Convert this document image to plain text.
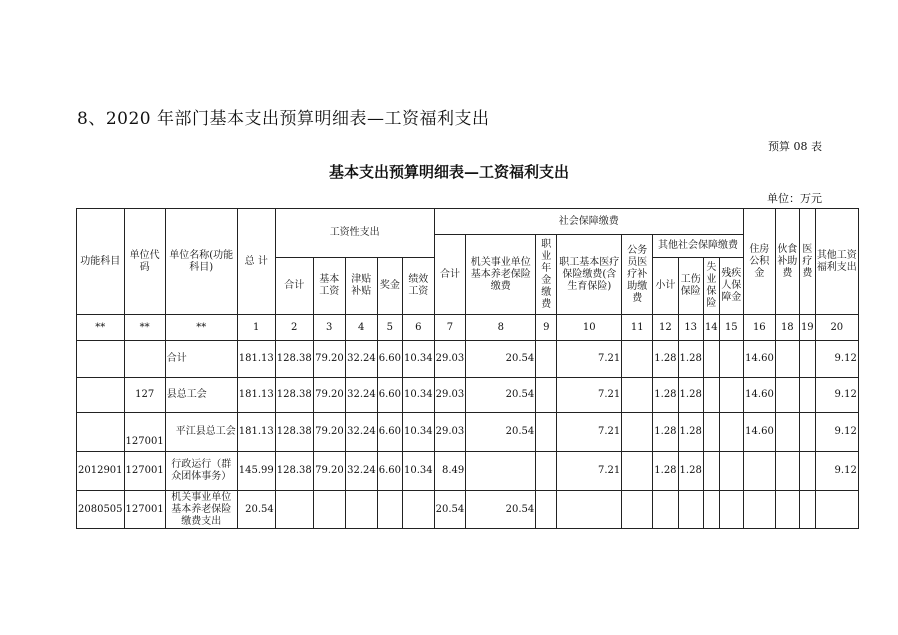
8、2020 年部门基本支出预算明细表—工资福利支出
预算 08 表
基本支出预算明细表—工资福利支出
单位：万元
功能科目	单位代码	单位名称(功能科目)	总 计	工资性支出					社会保障缴费									住房公积金	伙食补助费	医疗费	其他工资福利支出
									合计	机关事业单位基本养老保险缴费	职业年金缴费	职工基本医疗保险缴费(含生育保险)	公务员医疗补助缴费	其他社会保障缴费							
				合计	基本工资	津贴补贴	奖金	绩效工资						小计	工伤保险	失业保险	残疾人保障金				
**	**	**	1	2	3	4	5	6	7	8	9	10	11	12	13	14	15	16	18	19	20
		合计	181.13	128.38	79.20	32.24	6.60	10.34	29.03	20.54		7.21		1.28	1.28			14.60			9.12
	127	县总工会	181.13	128.38	79.20	32.24	6.60	10.34	29.03	20.54		7.21		1.28	1.28			14.60			9.12
	127001	平江县总工会	181.13	128.38	79.20	32.24	6.60	10.34	29.03	20.54		7.21		1.28	1.28			14.60			9.12
2012901	127001	行政运行（群众团体事务）	145.99	128.38	79.20	32.24	6.60	10.34	8.49			7.21		1.28	1.28						9.12
2080505	127001	机关事业单位基本养老保险缴费支出	20.54						20.54	20.54											
